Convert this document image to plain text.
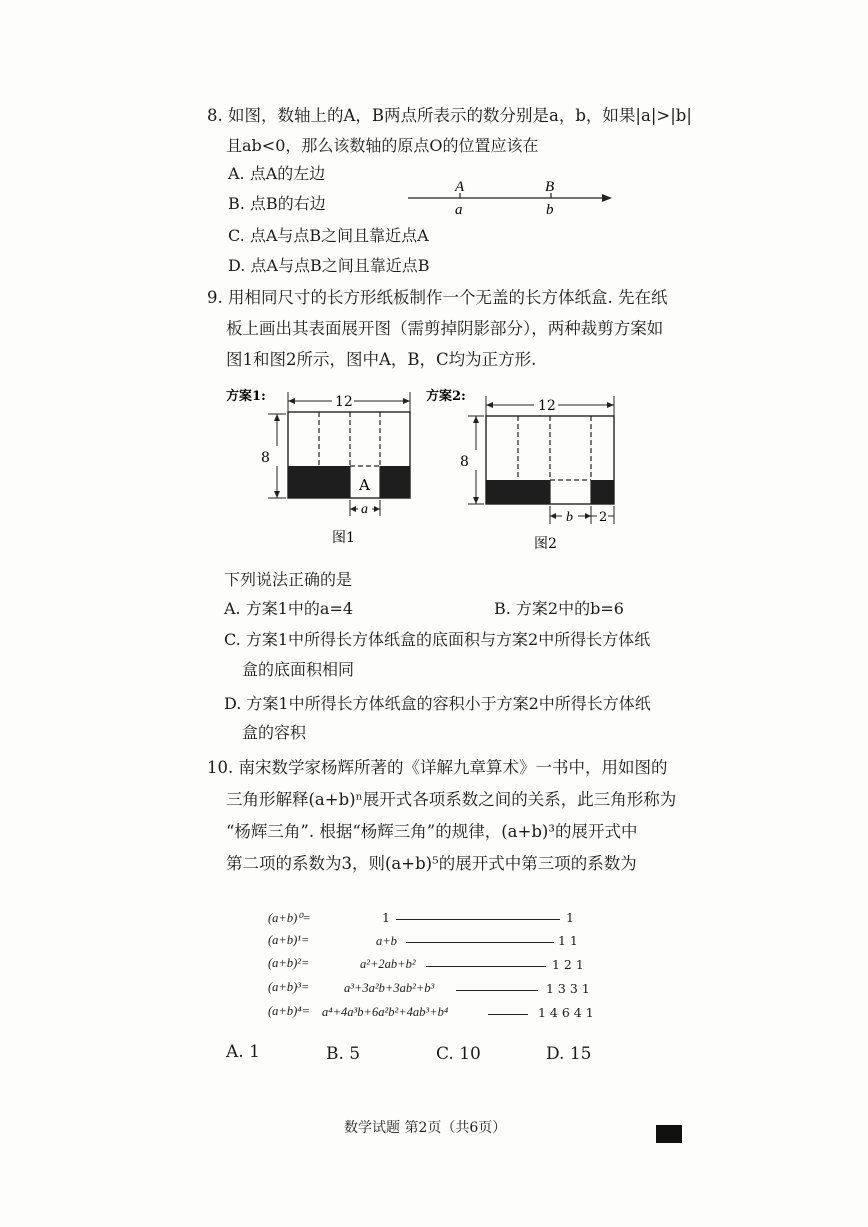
8. 如图，数轴上的A，B两点所表示的数分别是a，b，如果|a|>|b|
且ab<0，那么该数轴的原点O的位置应该在
A. 点A的左边
B. 点B的右边
C. 点A与点B之间且靠近点A
D. 点A与点B之间且靠近点B
A	B
a	b
9. 用相同尺寸的长方形纸板制作一个无盖的长方体纸盒. 先在纸
板上画出其表面展开图（需剪掉阴影部分），两种裁剪方案如
图1和图2所示，图中A，B，C均为正方形.
方案1:	12
8
A
a
图1
方案2:
12
8
b 2
图2
下列说法正确的是
A. 方案1中的a=4	B. 方案2中的b=6
C. 方案1中所得长方体纸盒的底面积与方案2中所得长方体纸
盒的底面积相同
D. 方案1中所得长方体纸盒的容积小于方案2中所得长方体纸
盒的容积
10. 南宋数学家杨辉所著的《详解九章算术》一书中，用如图的
三角形解释(a+b)ⁿ展开式各项系数之间的关系，此三角形称为
“杨辉三角”. 根据“杨辉三角”的规律，(a+b)³的展开式中
第二项的系数为3，则(a+b)⁵的展开式中第三项的系数为
(a+b)⁰=	1	1
(a+b)¹=	a+b	1 1
(a+b)²=	a²+2ab+b²	1 2 1
(a+b)³=	a³+3a²b+3ab²+b³	1 3 3 1
(a+b)⁴= a⁴+4a³b+6a²b²+4ab³+b⁴	1 4 6 4 1
A. 1	B. 5	C. 10	D. 15
数学试题 第2页（共6页）
